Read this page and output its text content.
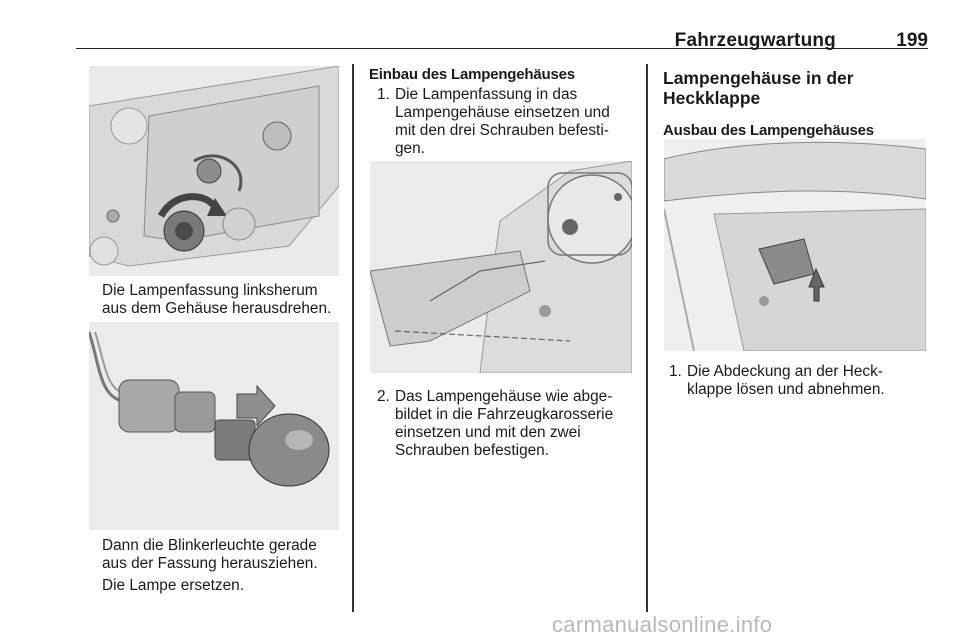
Fahrzeugwartung	199
Die Lampenfassung linksherum
aus dem Gehäuse herausdrehen.
Dann die Blinkerleuchte gerade
aus der Fassung herausziehen.
Die Lampe ersetzen.
Einbau des Lampengehäuses
1. Die Lampenfassung in das
Lampengehäuse einsetzen und
mit den drei Schrauben befesti-
gen.
2. Das Lampengehäuse wie abge-
bildet in die Fahrzeugkarosserie
einsetzen und mit den zwei
Schrauben befestigen.
Lampengehäuse in der
Heckklappe
Ausbau des Lampengehäuses
1. Die Abdeckung an der Heck-
klappe lösen und abnehmen.
carmanualsonline.info
